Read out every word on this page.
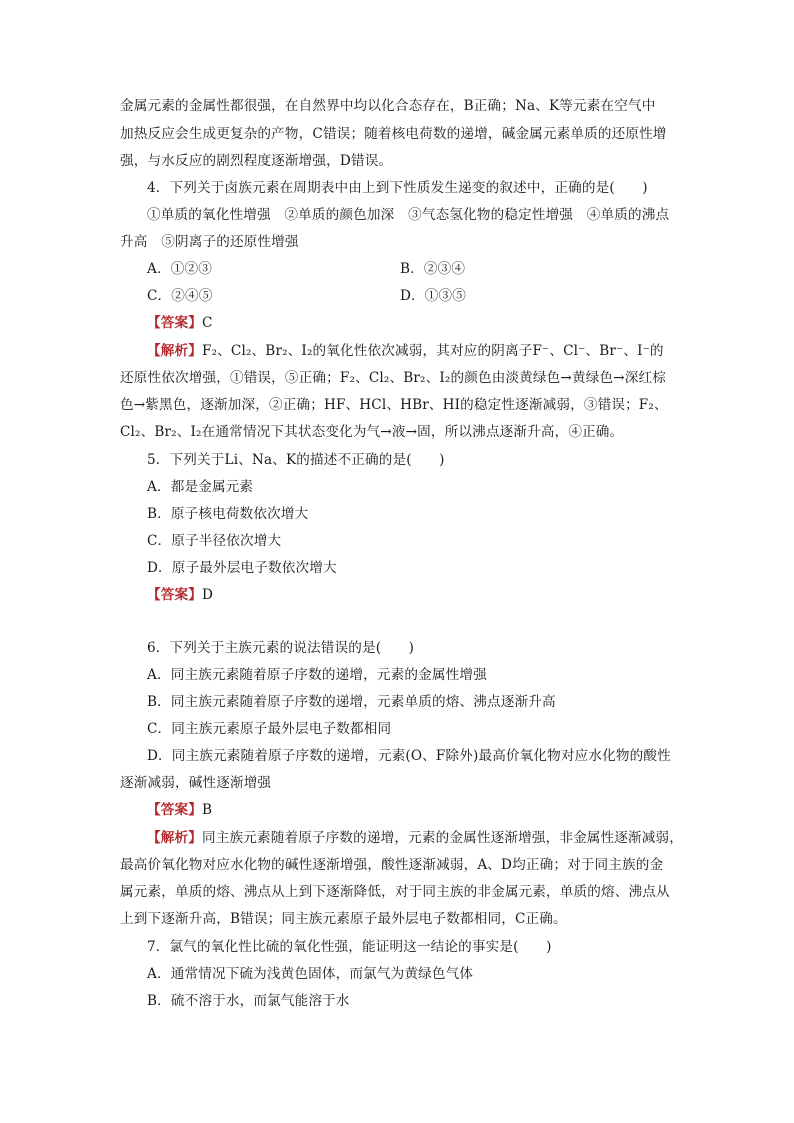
金属元素的金属性都很强，在自然界中均以化合态存在，B正确；Na、K等元素在空气中
加热反应会生成更复杂的产物，C错误；随着核电荷数的递增，碱金属元素单质的还原性增
强，与水反应的剧烈程度逐渐增强，D错误。
4．下列关于卤族元素在周期表中由上到下性质发生递变的叙述中，正确的是(　　)
①单质的氧化性增强　②单质的颜色加深　③气态氢化物的稳定性增强　④单质的沸点
升高　⑤阴离子的还原性增强
A．①②③	B．②③④
C．②④⑤	D．①③⑤
【答案】C
【解析】F₂、Cl₂、Br₂、I₂的氧化性依次减弱，其对应的阴离子F⁻、Cl⁻、Br⁻、I⁻的
还原性依次增强，①错误，⑤正确；F₂、Cl₂、Br₂、I₂的颜色由淡黄绿色→黄绿色→深红棕
色→紫黑色，逐渐加深，②正确；HF、HCl、HBr、HI的稳定性逐渐减弱，③错误；F₂、
Cl₂、Br₂、I₂在通常情况下其状态变化为气→液→固，所以沸点逐渐升高，④正确。
5．下列关于Li、Na、K的描述不正确的是(　　)
A．都是金属元素
B．原子核电荷数依次增大
C．原子半径依次增大
D．原子最外层电子数依次增大
【答案】D
6．下列关于主族元素的说法错误的是(　　)
A．同主族元素随着原子序数的递增，元素的金属性增强
B．同主族元素随着原子序数的递增，元素单质的熔、沸点逐渐升高
C．同主族元素原子最外层电子数都相同
D．同主族元素随着原子序数的递增，元素(O、F除外)最高价氧化物对应水化物的酸性
逐渐减弱，碱性逐渐增强
【答案】B
【解析】同主族元素随着原子序数的递增，元素的金属性逐渐增强，非金属性逐渐减弱，
最高价氧化物对应水化物的碱性逐渐增强，酸性逐渐减弱，A、D均正确；对于同主族的金
属元素，单质的熔、沸点从上到下逐渐降低，对于同主族的非金属元素，单质的熔、沸点从
上到下逐渐升高，B错误；同主族元素原子最外层电子数都相同，C正确。
7．氯气的氧化性比硫的氧化性强，能证明这一结论的事实是(　　)
A．通常情况下硫为浅黄色固体，而氯气为黄绿色气体
B．硫不溶于水，而氯气能溶于水
